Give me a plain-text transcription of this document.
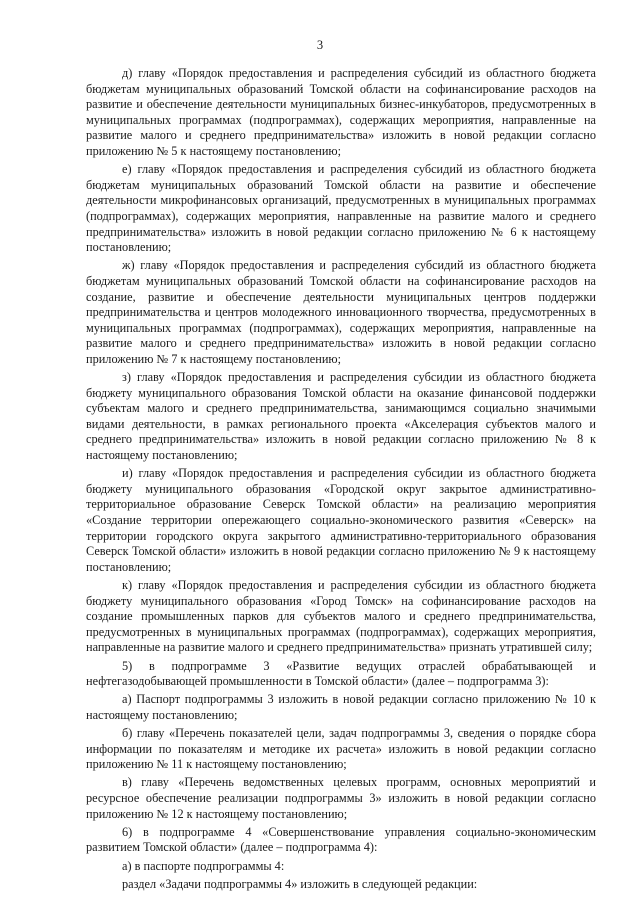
3

д) главу «Порядок предоставления и распределения субсидий из областного бюджета бюджетам муниципальных образований Томской области на софинансирование расходов на развитие и обеспечение деятельности муниципальных бизнес-инкубаторов, предусмотренных в муниципальных программах (подпрограммах), содержащих мероприятия, направленные на развитие малого и среднего предпринимательства» изложить в новой редакции согласно приложению № 5 к настоящему постановлению;

е) главу «Порядок предоставления и распределения субсидий из областного бюджета бюджетам муниципальных образований Томской области на развитие и обеспечение деятельности микрофинансовых организаций, предусмотренных в муниципальных программах (подпрограммах), содержащих мероприятия, направленные на развитие малого и среднего предпринимательства» изложить в новой редакции согласно приложению № 6 к настоящему постановлению;

ж) главу «Порядок предоставления и распределения субсидий из областного бюджета бюджетам муниципальных образований Томской области на софинансирование расходов на создание, развитие и обеспечение деятельности муниципальных центров поддержки предпринимательства и центров молодежного инновационного творчества, предусмотренных в муниципальных программах (подпрограммах), содержащих мероприятия, направленные на развитие малого и среднего предпринимательства» изложить в новой редакции согласно приложению № 7 к настоящему постановлению;

з) главу «Порядок предоставления и распределения субсидии из областного бюджета бюджету муниципального образования Томской области на оказание финансовой поддержки субъектам малого и среднего предпринимательства, занимающимся социально значимыми видами деятельности, в рамках регионального проекта «Акселерация субъектов малого и среднего предпринимательства» изложить в новой редакции согласно приложению № 8 к настоящему постановлению;

и) главу «Порядок предоставления и распределения субсидии из областного бюджета бюджету муниципального образования «Городской округ закрытое административно-территориальное образование Северск Томской области» на реализацию мероприятия «Создание территории опережающего социально-экономического развития «Северск» на территории городского округа закрытого административно-территориального образования Северск Томской области» изложить в новой редакции согласно приложению № 9 к настоящему постановлению;

к) главу «Порядок предоставления и распределения субсидии из областного бюджета бюджету муниципального образования «Город Томск» на софинансирование расходов на создание промышленных парков для субъектов малого и среднего предпринимательства, предусмотренных в муниципальных программах (подпрограммах), содержащих мероприятия, направленные на развитие малого и среднего предпринимательства» признать утратившей силу;

5) в подпрограмме 3 «Развитие ведущих отраслей обрабатывающей и нефтегазодобывающей промышленности в Томской области» (далее – подпрограмма 3):

а) Паспорт подпрограммы 3 изложить в новой редакции согласно приложению № 10 к настоящему постановлению;

б) главу «Перечень показателей цели, задач подпрограммы 3, сведения о порядке сбора информации по показателям и методике их расчета» изложить в новой редакции согласно приложению № 11 к настоящему постановлению;

в) главу «Перечень ведомственных целевых программ, основных мероприятий и ресурсное обеспечение реализации подпрограммы 3» изложить в новой редакции согласно приложению № 12 к настоящему постановлению;

6) в подпрограмме 4 «Совершенствование управления социально-экономическим развитием Томской области» (далее – подпрограмма 4):

а) в паспорте подпрограммы 4:

раздел «Задачи подпрограммы 4» изложить в следующей редакции:
